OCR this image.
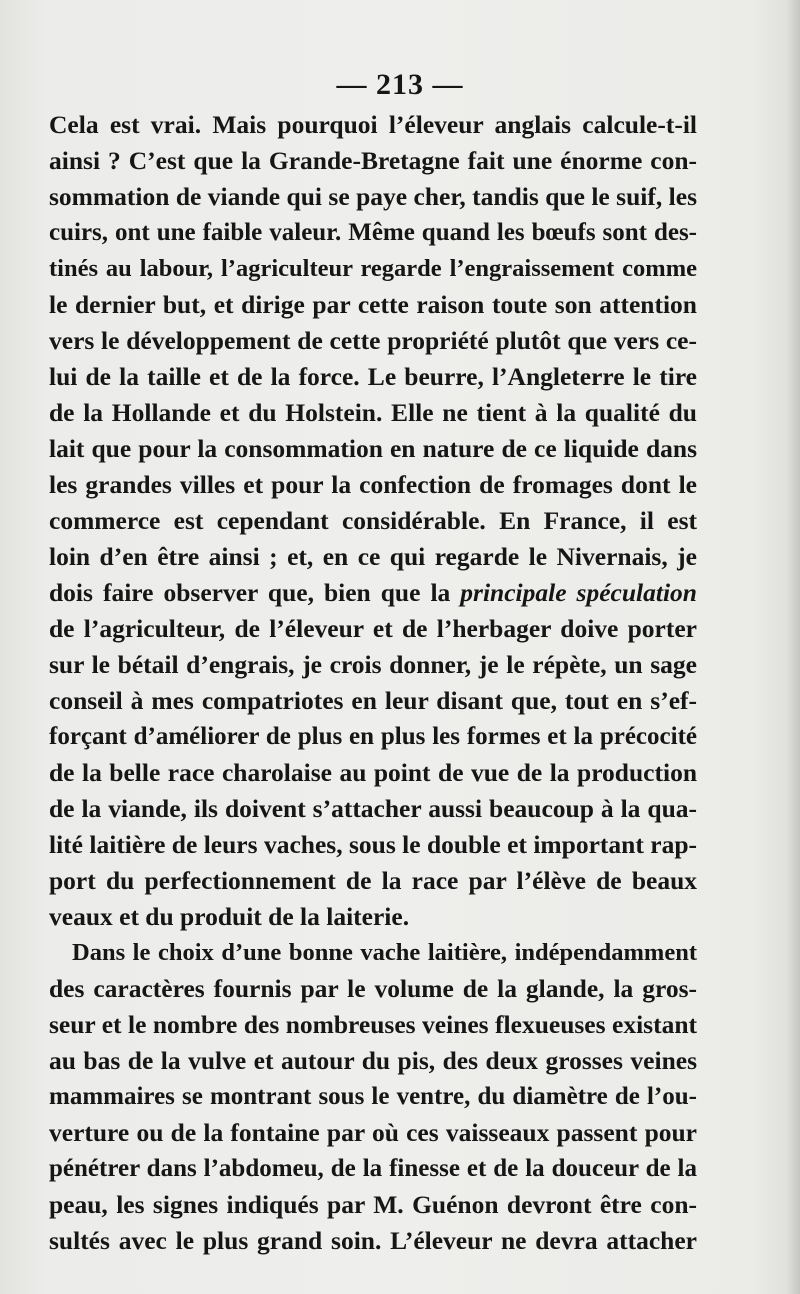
— 213 —
Cela est vrai. Mais pourquoi l’éleveur anglais calcule-t-il
ainsi ? C’est que la Grande-Bretagne fait une énorme con-
sommation de viande qui se paye cher, tandis que le suif, les
cuirs, ont une faible valeur. Même quand les bœufs sont des-
tinés au labour, l’agriculteur regarde l’engraissement comme
le dernier but, et dirige par cette raison toute son attention
vers le développement de cette propriété plutôt que vers ce-
lui de la taille et de la force. Le beurre, l’Angleterre le tire
de la Hollande et du Holstein. Elle ne tient à la qualité du
lait que pour la consommation en nature de ce liquide dans
les grandes villes et pour la confection de fromages dont le
commerce est cependant considérable. En France, il est
loin d’en être ainsi ; et, en ce qui regarde le Nivernais, je
dois faire observer que, bien que la principale spéculation
de l’agriculteur, de l’éleveur et de l’herbager doive porter
sur le bétail d’engrais, je crois donner, je le répète, un sage
conseil à mes compatriotes en leur disant que, tout en s’ef-
forçant d’améliorer de plus en plus les formes et la précocité
de la belle race charolaise au point de vue de la production
de la viande, ils doivent s’attacher aussi beaucoup à la qua-
lité laitière de leurs vaches, sous le double et important rap-
port du perfectionnement de la race par l’élève de beaux
veaux et du produit de la laiterie.
Dans le choix d’une bonne vache laitière, indépendamment
des caractères fournis par le volume de la glande, la gros-
seur et le nombre des nombreuses veines flexueuses existant
au bas de la vulve et autour du pis, des deux grosses veines
mammaires se montrant sous le ventre, du diamètre de l’ou-
verture ou de la fontaine par où ces vaisseaux passent pour
pénétrer dans l’abdomeu, de la finesse et de la douceur de la
peau, les signes indiqués par M. Guénon devront être con-
sultés avec le plus grand soin. L’éleveur ne devra attacher
